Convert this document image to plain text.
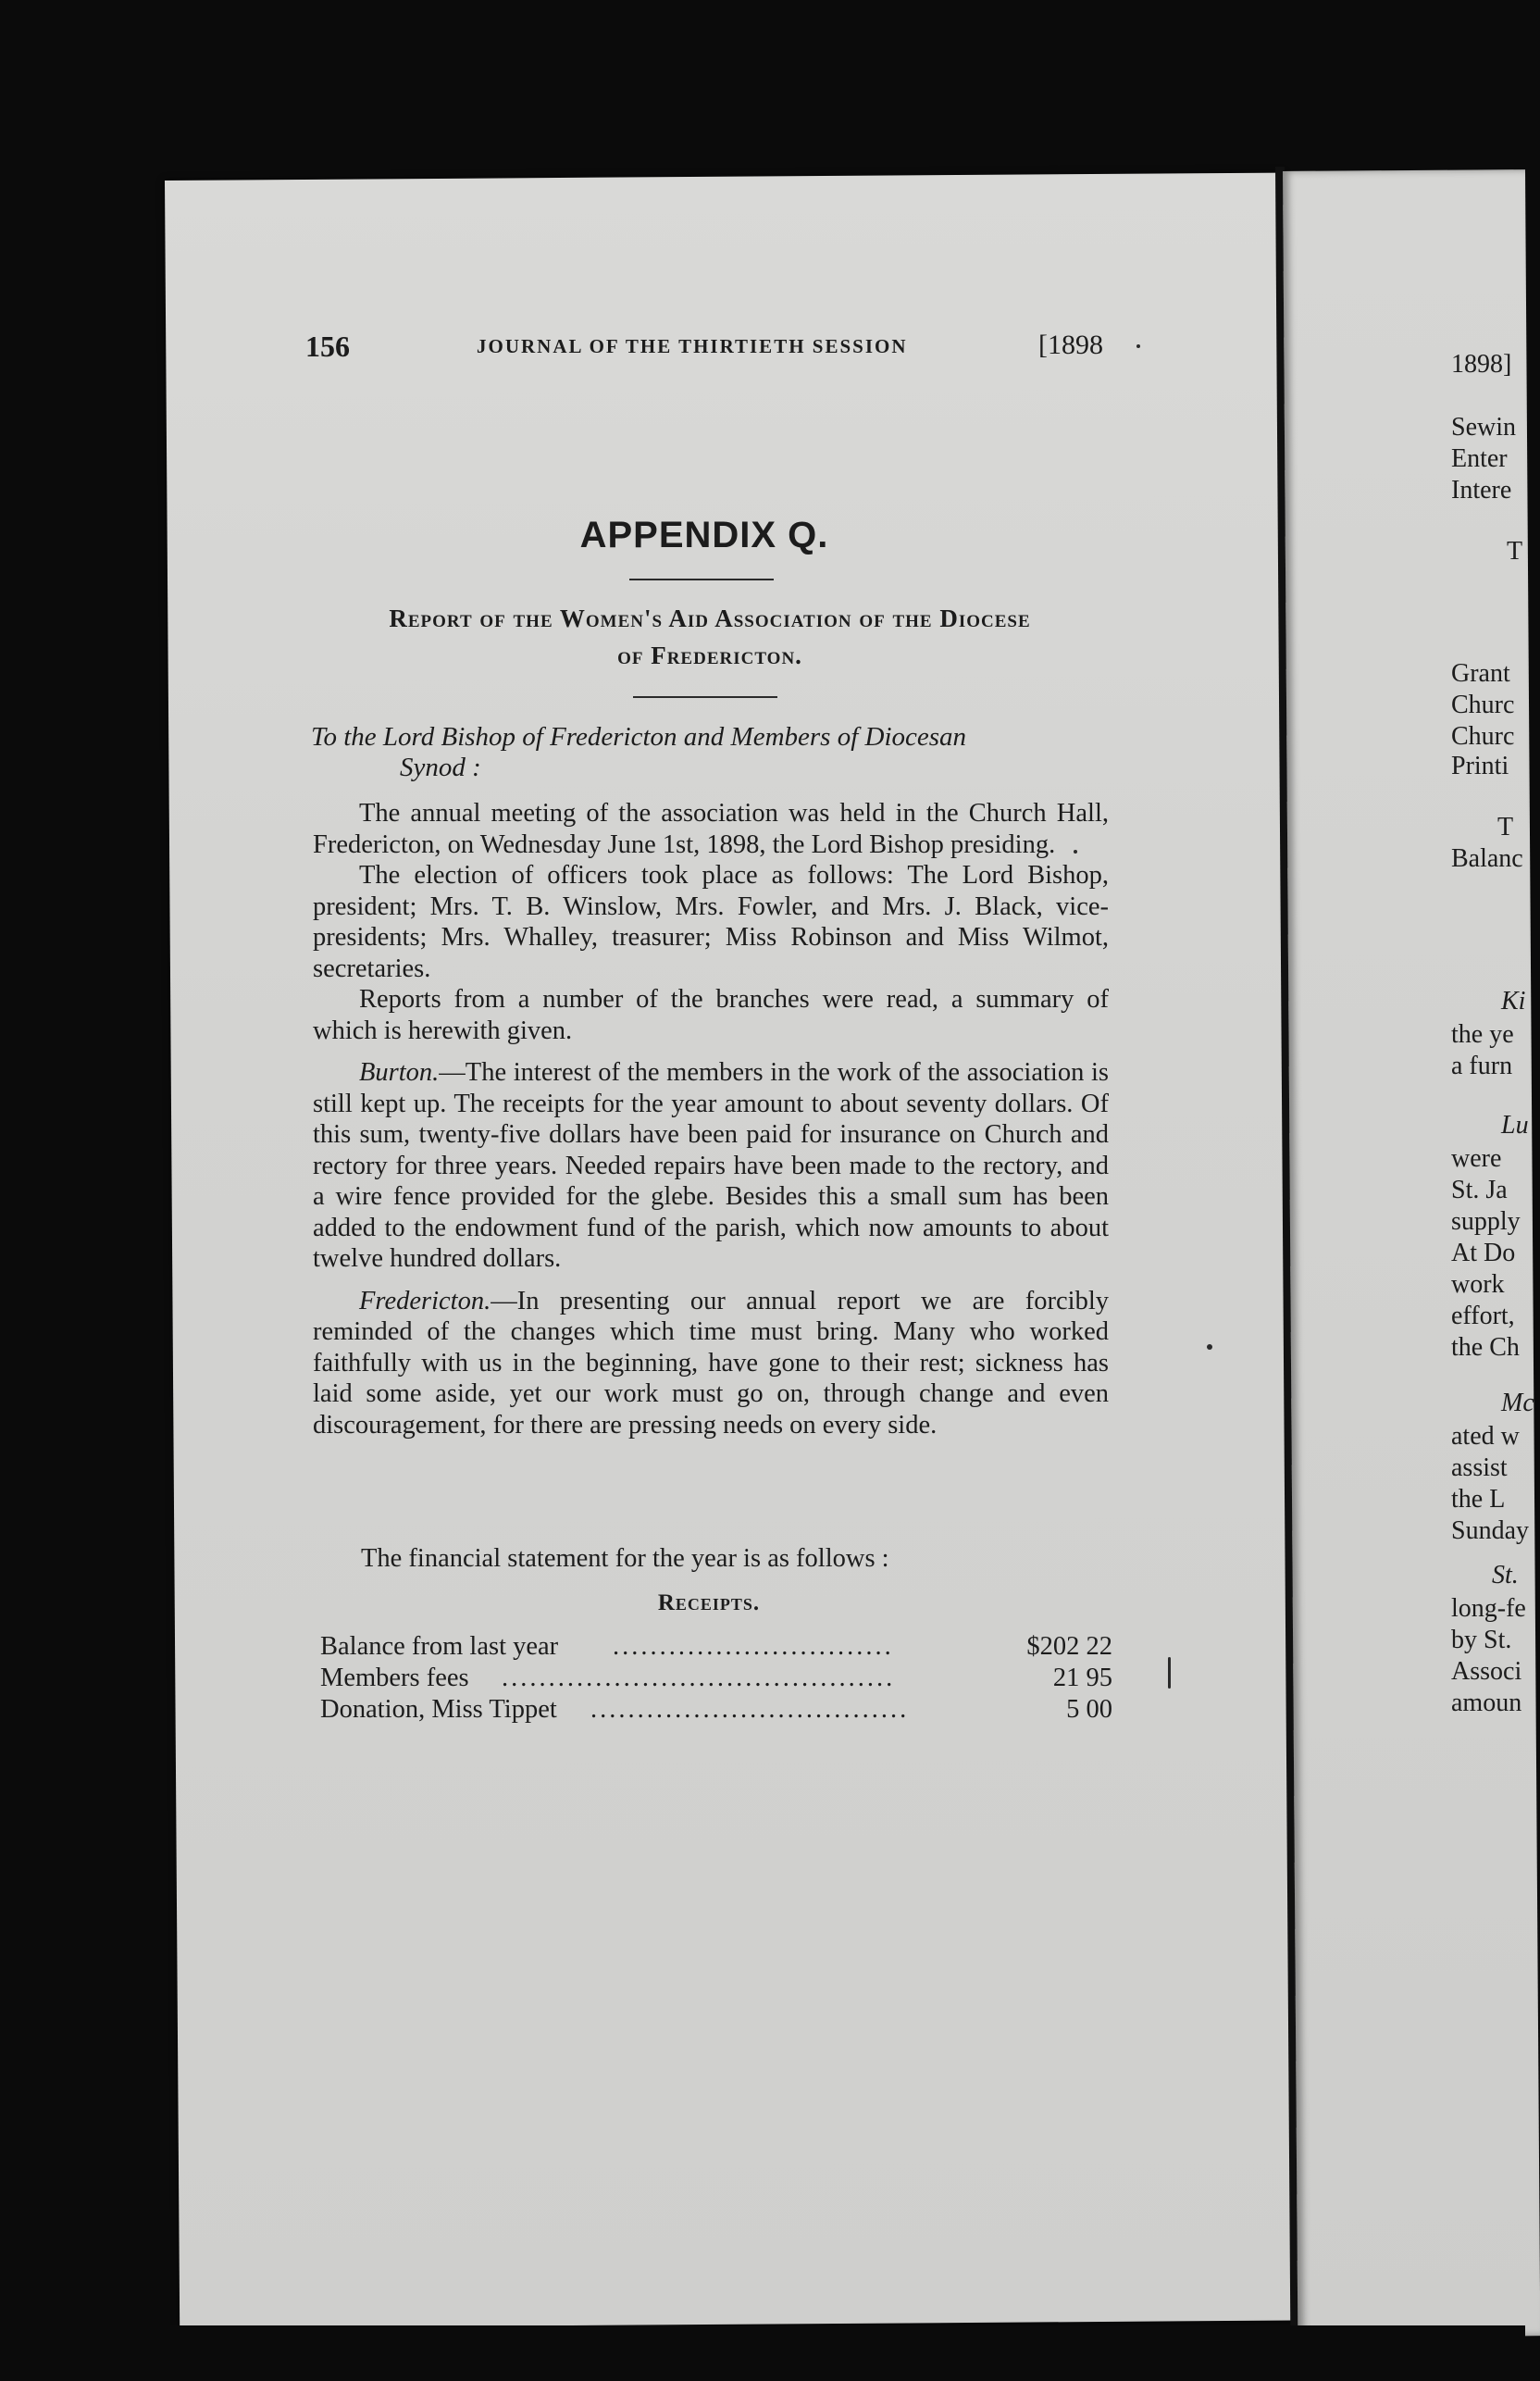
156	JOURNAL OF THE THIRTIETH SESSION	[1898
APPENDIX Q.
Report of the Women's Aid Association of the Diocese
of Fredericton.
To the Lord Bishop of Fredericton and Members of Diocesan
Synod :

The annual meeting of the association was held in the Church Hall, Fredericton, on Wednesday June 1st, 1898, the Lord Bishop presiding.

The election of officers took place as follows: The Lord Bishop, president; Mrs. T. B. Winslow, Mrs. Fowler, and Mrs. J. Black, vice-presidents; Mrs. Whalley, treasurer; Miss Robinson and Miss Wilmot, secretaries.

Reports from a number of the branches were read, a summary of which is herewith given.

Burton.—The interest of the members in the work of the association is still kept up. The receipts for the year amount to about seventy dollars. Of this sum, twenty-five dollars have been paid for insurance on Church and rectory for three years. Needed repairs have been made to the rectory, and a wire fence provided for the glebe. Besides this a small sum has been added to the endowment fund of the parish, which now amounts to about twelve hundred dollars.

Fredericton.—In presenting our annual report we are forcibly reminded of the changes which time must bring. Many who worked faithfully with us in the beginning, have gone to their rest; sickness has laid some aside, yet our work must go on, through change and even discouragement, for there are pressing needs on every side.

The financial statement for the year is as follows :
Receipts.
Balance from last year ..............................	$202 22
Members fees ..........................................	21 95
Donation, Miss Tippet ..................................	5 00
1898]
Sewin
Enter
Intere
T
Grant
Churc
Churc
Printi
T
Balanc
Ki
the ye
a furn
Lu
were
St. Ja
supply
At Do
work
effort,
the Ch
Mc
ated w
assist
the L
Sunday
St.
long-fe
by St.
Associ
amoun
